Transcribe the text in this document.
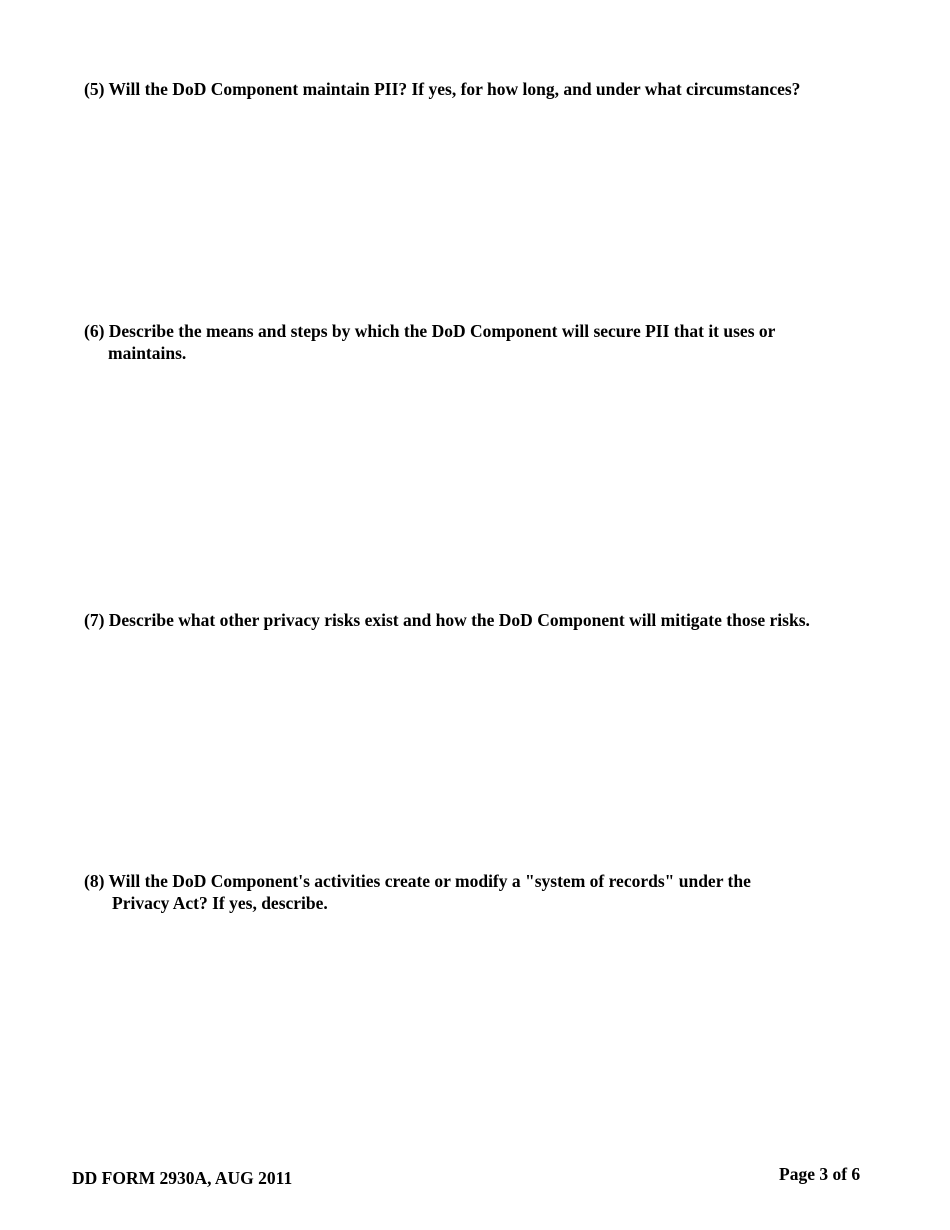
(5) Will the DoD Component maintain PII? If yes, for how long, and under what circumstances?

(6) Describe the means and steps by which the DoD Component will secure PII that it uses or
maintains.

(7) Describe what other privacy risks exist and how the DoD Component will mitigate those risks.

(8) Will the DoD Component's activities create or modify a "system of records" under the
Privacy Act? If yes, describe.

DD FORM 2930A, AUG 2011	Page 3 of 6
